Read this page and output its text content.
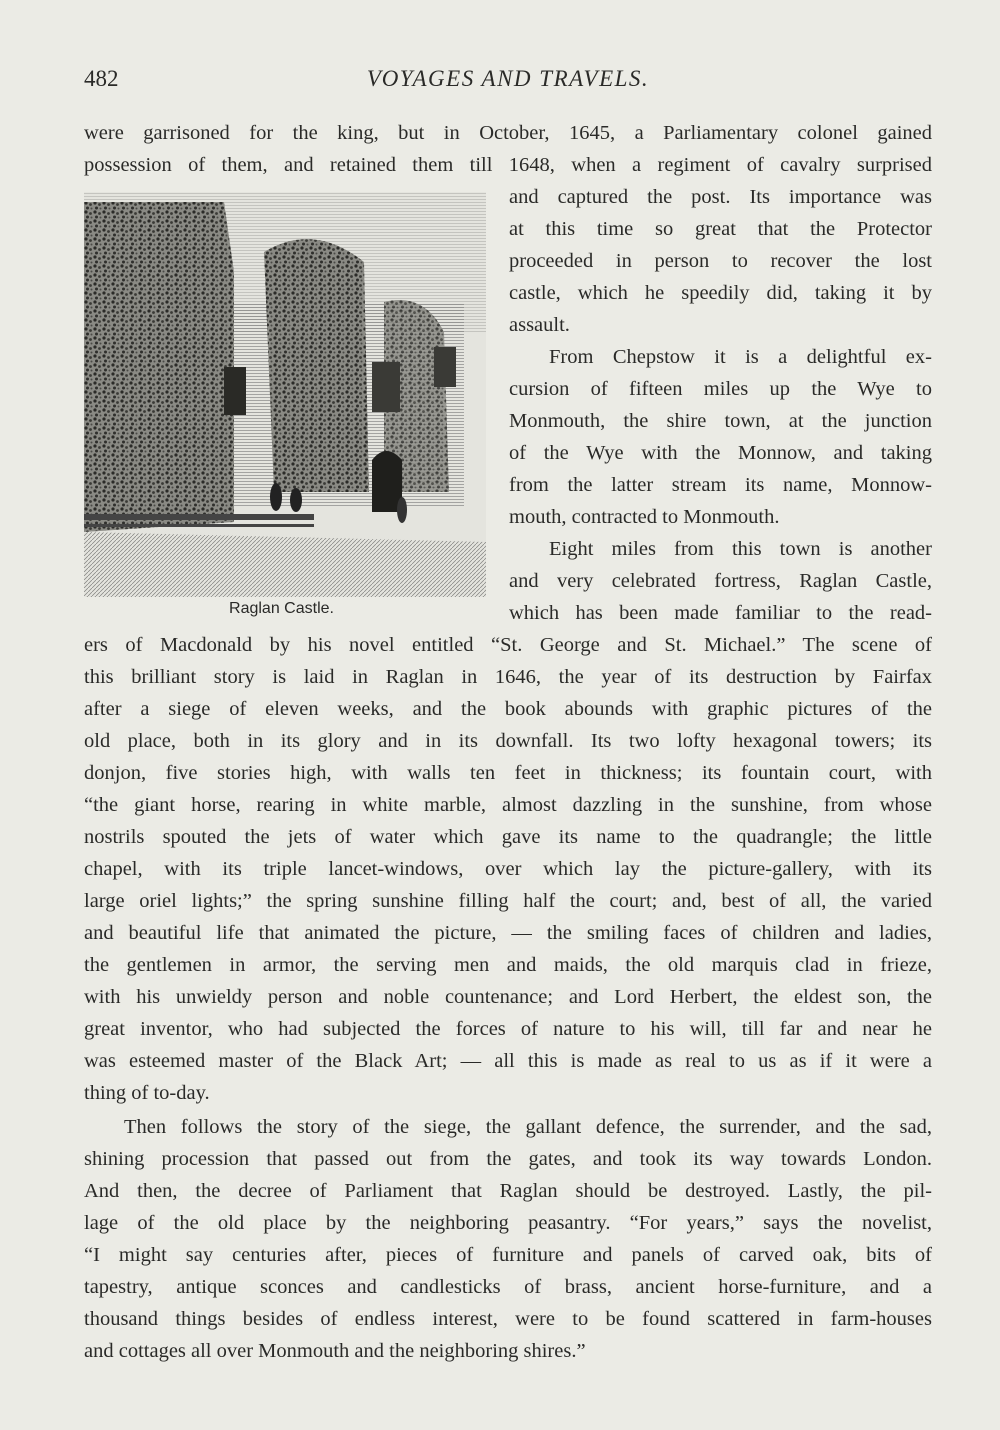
482	VOYAGES AND TRAVELS.
Raglan Castle.
were garrisoned for the king, but in October, 1645, a Parliamentary colonel gained
possession of them, and retained them till 1648, when a regiment of cavalry surprised
and captured the post. Its importance was
at this time so great that the Protector
proceeded in person to recover the lost
castle, which he speedily did, taking it by
assault.
From Chepstow it is a delightful ex-
cursion of fifteen miles up the Wye to
Monmouth, the shire town, at the junction
of the Wye with the Monnow, and taking
from the latter stream its name, Monnow-
mouth, contracted to Monmouth.
Eight miles from this town is another
and very celebrated fortress, Raglan Castle,
which has been made familiar to the read-
ers of Macdonald by his novel entitled “St. George and St. Michael.” The scene of
this brilliant story is laid in Raglan in 1646, the year of its destruction by Fairfax
after a siege of eleven weeks, and the book abounds with graphic pictures of the
old place, both in its glory and in its downfall. Its two lofty hexagonal towers; its
donjon, five stories high, with walls ten feet in thickness; its fountain court, with
“the giant horse, rearing in white marble, almost dazzling in the sunshine, from whose
nostrils spouted the jets of water which gave its name to the quadrangle; the little
chapel, with its triple lancet-windows, over which lay the picture-gallery, with its
large oriel lights;” the spring sunshine filling half the court; and, best of all, the varied
and beautiful life that animated the picture, — the smiling faces of children and ladies,
the gentlemen in armor, the serving men and maids, the old marquis clad in frieze,
with his unwieldy person and noble countenance; and Lord Herbert, the eldest son, the
great inventor, who had subjected the forces of nature to his will, till far and near he
was esteemed master of the Black Art; — all this is made as real to us as if it were a
thing of to-day.
Then follows the story of the siege, the gallant defence, the surrender, and the sad,
shining procession that passed out from the gates, and took its way towards London.
And then, the decree of Parliament that Raglan should be destroyed. Lastly, the pil-
lage of the old place by the neighboring peasantry. “For years,” says the novelist,
“I might say centuries after, pieces of furniture and panels of carved oak, bits of
tapestry, antique sconces and candlesticks of brass, ancient horse-furniture, and a
thousand things besides of endless interest, were to be found scattered in farm-houses
and cottages all over Monmouth and the neighboring shires.”
